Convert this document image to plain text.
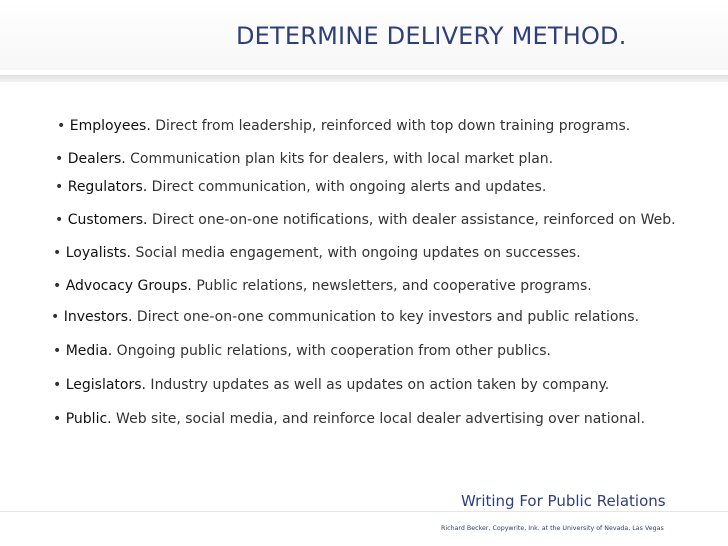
DETERMINE DELIVERY METHOD.
• Employees. Direct from leadership, reinforced with top down training programs.
• Dealers. Communication plan kits for dealers, with local market plan.
• Regulators. Direct communication, with ongoing alerts and updates.
• Customers. Direct one-on-one notifications, with dealer assistance, reinforced on Web.
• Loyalists. Social media engagement, with ongoing updates on successes.
• Advocacy Groups. Public relations, newsletters, and cooperative programs.
• Investors. Direct one-on-one communication to key investors and public relations.
• Media. Ongoing public relations, with cooperation from other publics.
• Legislators. Industry updates as well as updates on action taken by company.
• Public. Web site, social media, and reinforce local dealer advertising over national.
Writing For Public Relations
Richard Becker, Copywrite, Ink. at the University of Nevada, Las Vegas
